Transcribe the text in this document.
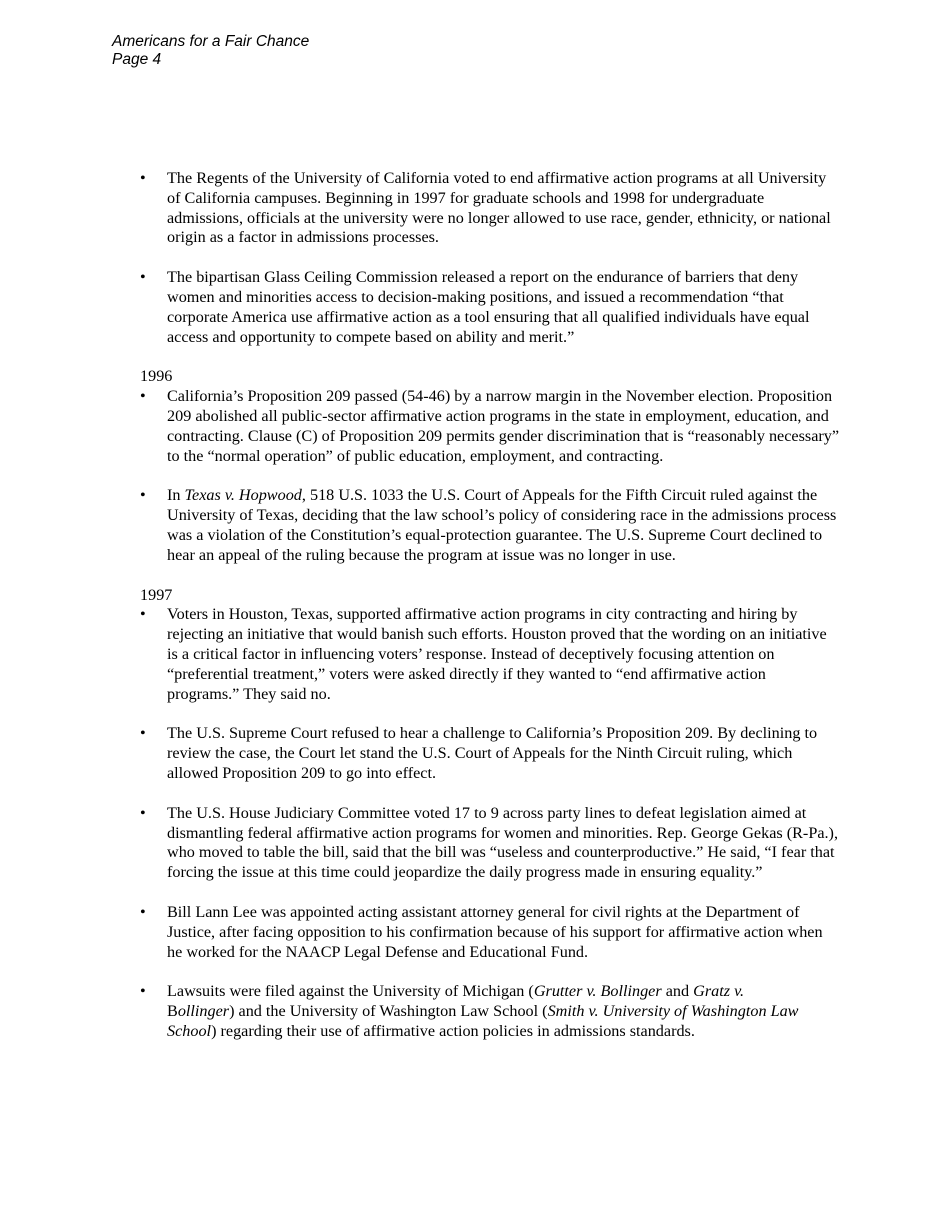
Americans for a Fair Chance
Page 4
• The Regents of the University of California voted to end affirmative action programs at all University of California campuses. Beginning in 1997 for graduate schools and 1998 for undergraduate admissions, officials at the university were no longer allowed to use race, gender, ethnicity, or national origin as a factor in admissions processes.
• The bipartisan Glass Ceiling Commission released a report on the endurance of barriers that deny women and minorities access to decision-making positions, and issued a recommendation “that corporate America use affirmative action as a tool ensuring that all qualified individuals have equal access and opportunity to compete based on ability and merit.”
1996
• California’s Proposition 209 passed (54-46) by a narrow margin in the November election. Proposition 209 abolished all public-sector affirmative action programs in the state in employment, education, and contracting. Clause (C) of Proposition 209 permits gender discrimination that is “reasonably necessary” to the “normal operation” of public education, employment, and contracting.
• In Texas v. Hopwood, 518 U.S. 1033 the U.S. Court of Appeals for the Fifth Circuit ruled against the University of Texas, deciding that the law school’s policy of considering race in the admissions process was a violation of the Constitution’s equal-protection guarantee. The U.S. Supreme Court declined to hear an appeal of the ruling because the program at issue was no longer in use.
1997
• Voters in Houston, Texas, supported affirmative action programs in city contracting and hiring by rejecting an initiative that would banish such efforts. Houston proved that the wording on an initiative is a critical factor in influencing voters’ response. Instead of deceptively focusing attention on “preferential treatment,” voters were asked directly if they wanted to “end affirmative action programs.” They said no.
• The U.S. Supreme Court refused to hear a challenge to California’s Proposition 209. By declining to review the case, the Court let stand the U.S. Court of Appeals for the Ninth Circuit ruling, which allowed Proposition 209 to go into effect.
• The U.S. House Judiciary Committee voted 17 to 9 across party lines to defeat legislation aimed at dismantling federal affirmative action programs for women and minorities. Rep. George Gekas (R-Pa.), who moved to table the bill, said that the bill was “useless and counterproductive.” He said, “I fear that forcing the issue at this time could jeopardize the daily progress made in ensuring equality.”
• Bill Lann Lee was appointed acting assistant attorney general for civil rights at the Department of Justice, after facing opposition to his confirmation because of his support for affirmative action when he worked for the NAACP Legal Defense and Educational Fund.
• Lawsuits were filed against the University of Michigan (Grutter v. Bollinger and Gratz v.
Bollinger) and the University of Washington Law School (Smith v. University of Washington Law School) regarding their use of affirmative action policies in admissions standards.
